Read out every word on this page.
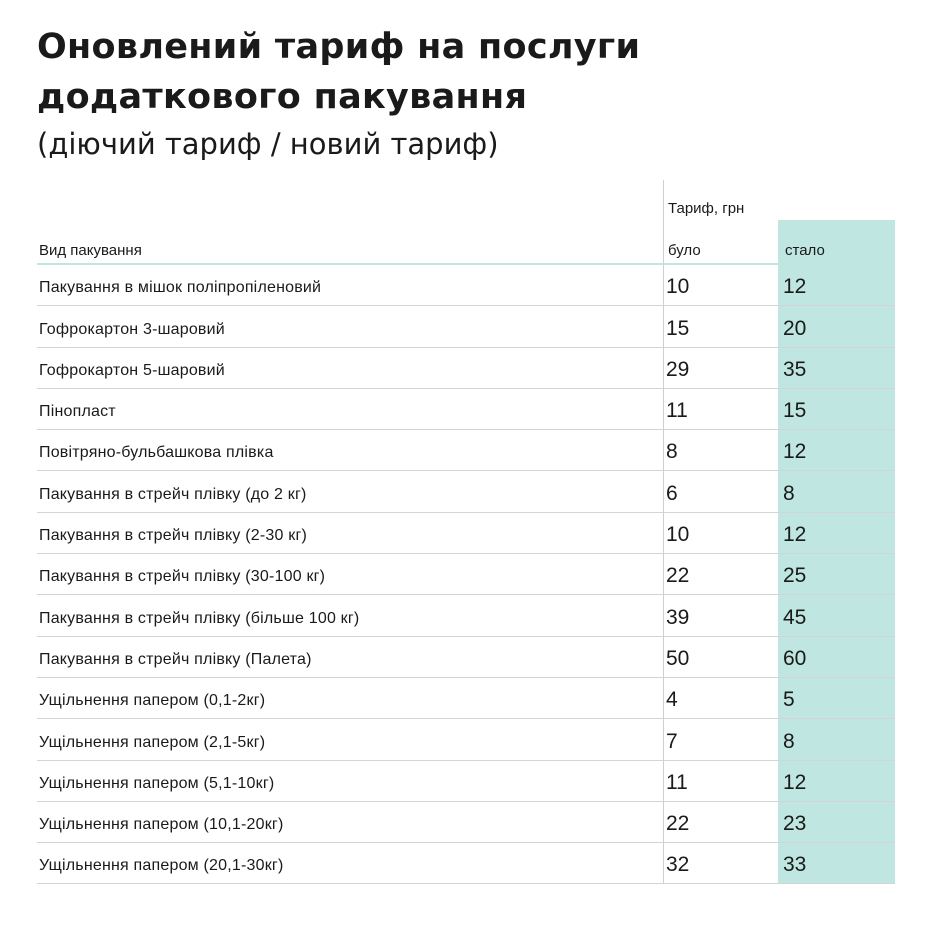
Оновлений тариф на послуги
додаткового пакування

(діючий тариф / новий тариф)

Тариф, грн
Вид пакування	було	стало
Пакування в мішок поліпропіленовий	10	12
Гофрокартон 3-шаровий	15	20
Гофрокартон 5-шаровий	29	35
Пінопласт	11	15
Повітряно-бульбашкова плівка	8	12
Пакування в стрейч плівку (до 2 кг)	6	8
Пакування в стрейч плівку (2-30 кг)	10	12
Пакування в стрейч плівку (30-100 кг)	22	25
Пакування в стрейч плівку (більше 100 кг)	39	45
Пакування в стрейч плівку (Палета)	50	60
Ущільнення папером (0,1-2кг)	4	5
Ущільнення папером (2,1-5кг)	7	8
Ущільнення папером (5,1-10кг)	11	12
Ущільнення папером (10,1-20кг)	22	23
Ущільнення папером (20,1-30кг)	32	33
